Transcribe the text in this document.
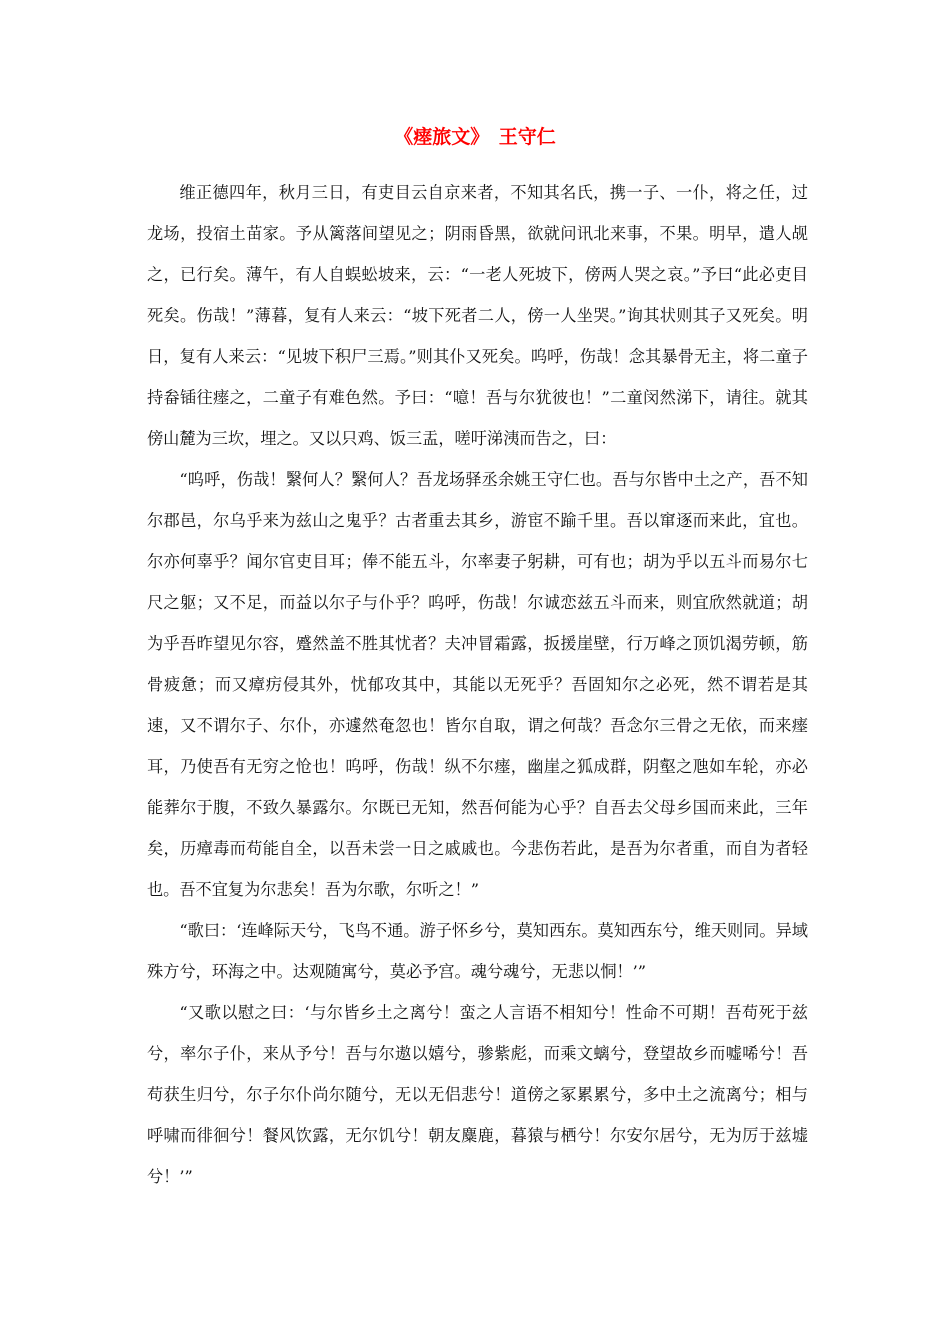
《瘗旅文》　王守仁

维正德四年，秋月三日，有吏目云自京来者，不知其名氏，携一子、一仆，将之任，过龙场，投宿土苗家。予从篱落间望见之；阴雨昏黑，欲就问讯北来事，不果。明早，遣人觇之，已行矣。薄午，有人自蜈蚣坡来，云：“一老人死坡下，傍两人哭之哀。”予曰“此必吏目死矣。伤哉！”薄暮，复有人来云：“坡下死者二人，傍一人坐哭。”询其状则其子又死矣。明日，复有人来云：“见坡下积尸三焉。”则其仆又死矣。呜呼，伤哉！念其暴骨无主，将二童子持畚锸往瘗之，二童子有难色然。予曰：“噫！吾与尔犹彼也！”二童闵然涕下，请往。就其傍山麓为三坎，埋之。又以只鸡、饭三盂，嗟吁涕洟而告之，曰：

“呜呼，伤哉！繄何人？繄何人？吾龙场驿丞余姚王守仁也。吾与尔皆中土之产，吾不知尔郡邑，尔乌乎来为兹山之鬼乎？古者重去其乡，游宦不踰千里。吾以窜逐而来此，宜也。尔亦何辜乎？闻尔官吏目耳；俸不能五斗，尔率妻子躬耕，可有也；胡为乎以五斗而易尔七尺之躯；又不足，而益以尔子与仆乎？呜呼，伤哉！尔诚恋兹五斗而来，则宜欣然就道；胡为乎吾昨望见尔容，蹙然盖不胜其忧者？夫冲冒霜露，扳援崖壁，行万峰之顶饥渴劳顿，筋骨疲惫；而又瘴疠侵其外，忧郁攻其中，其能以无死乎？吾固知尔之必死，然不谓若是其速，又不谓尔子、尔仆，亦遽然奄忽也！皆尔自取，谓之何哉？吾念尔三骨之无依，而来瘗耳，乃使吾有无穷之怆也！呜呼，伤哉！纵不尔瘗，幽崖之狐成群，阴壑之虺如车轮，亦必能葬尔于腹，不致久暴露尔。尔既已无知，然吾何能为心乎？自吾去父母乡国而来此，三年矣，历瘴毒而苟能自全，以吾未尝一日之戚戚也。今悲伤若此，是吾为尔者重，而自为者轻也。吾不宜复为尔悲矣！吾为尔歌，尔听之！”

“歌曰：‘连峰际天兮，飞鸟不通。游子怀乡兮，莫知西东。莫知西东兮，维天则同。异域殊方兮，环海之中。达观随寓兮，莫必予宫。魂兮魂兮，无悲以恫！’”

“又歌以慰之曰：‘与尔皆乡土之离兮！蛮之人言语不相知兮！性命不可期！吾苟死于兹兮，率尔子仆，来从予兮！吾与尔遨以嬉兮，骖紫彪，而乘文螭兮，登望故乡而嘘唏兮！吾苟获生归兮，尔子尔仆尚尔随兮，无以无侣悲兮！道傍之冢累累兮，多中土之流离兮；相与呼啸而徘徊兮！餐风饮露，无尔饥兮！朝友麋鹿，暮猿与栖兮！尔安尔居兮，无为厉于兹墟兮！’”
